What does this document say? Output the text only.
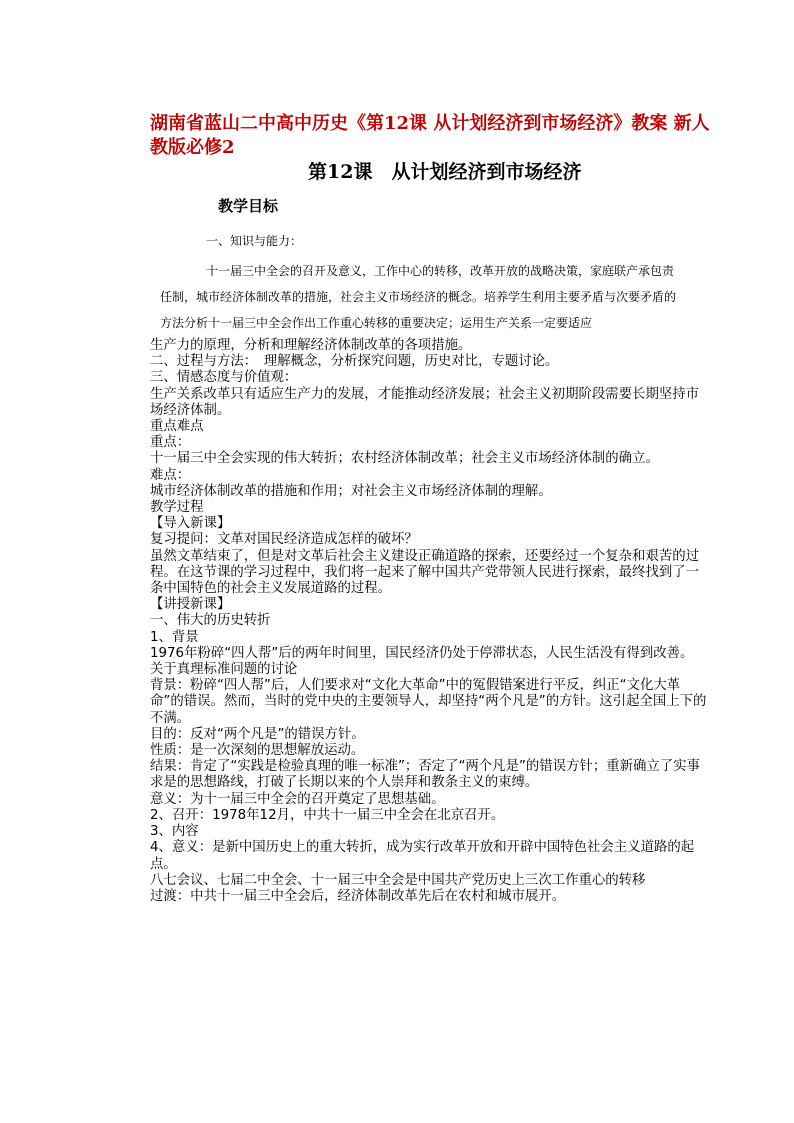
湖南省蓝山二中高中历史《第12课 从计划经济到市场经济》教案 新人教版必修2
第12课　从计划经济到市场经济
教学目标
一、知识与能力：

十一届三中全会的召开及意义，工作中心的转移，改革开放的战略决策，家庭联产承包责任制，城市经济体制改革的措施，社会主义市场经济的概念。培养学生利用主要矛盾与次要矛盾的方法分析十一届三中全会作出工作重心转移的重要决定；运用生产关系一定要适应

生产力的原理，分析和理解经济体制改革的各项措施。

二、过程与方法：　理解概念，分析探究问题，历史对比，专题讨论。

三、情感态度与价值观：

生产关系改革只有适应生产力的发展，才能推动经济发展；社会主义初期阶段需要长期坚持市场经济体制。

重点难点

重点：

十一届三中全会实现的伟大转折；农村经济体制改革；社会主义市场经济体制的确立。

难点：

城市经济体制改革的措施和作用；对社会主义市场经济体制的理解。

教学过程

【导入新课】

复习提问：文革对国民经济造成怎样的破坏？

虽然文革结束了，但是对文革后社会主义建设正确道路的探索，还要经过一个复杂和艰苦的过程。在这节课的学习过程中，我们将一起来了解中国共产党带领人民进行探索，最终找到了一条中国特色的社会主义发展道路的过程。

【讲授新课】

一、伟大的历史转折

1、背景

1976年粉碎“四人帮”后的两年时间里，国民经济仍处于停滞状态，人民生活没有得到改善。

关于真理标准问题的讨论

背景：粉碎“四人帮”后，人们要求对“文化大革命”中的冤假错案进行平反，纠正“文化大革命”的错误。然而，当时的党中央的主要领导人，却坚持“两个凡是”的方针。这引起全国上下的不满。

目的：反对“两个凡是”的错误方针。

性质：是一次深刻的思想解放运动。

结果：肯定了“实践是检验真理的唯一标准”；否定了“两个凡是”的错误方针；重新确立了实事求是的思想路线，打破了长期以来的个人崇拜和教条主义的束缚。

意义：为十一届三中全会的召开奠定了思想基础。

2、召开：1978年12月，中共十一届三中全会在北京召开。

3、内容

4、意义：是新中国历史上的重大转折，成为实行改革开放和开辟中国特色社会主义道路的起点。

八七会议、七届二中全会、十一届三中全会是中国共产党历史上三次工作重心的转移

过渡：中共十一届三中全会后，经济体制改革先后在农村和城市展开。
